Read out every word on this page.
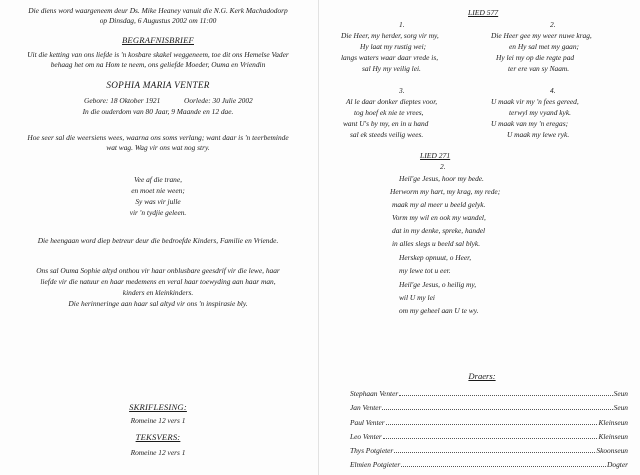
Die diens word waargeneem deur Ds. Mike Heaney vanuit die N.G. Kerk Machadodorp
op Dinsdag, 6 Augustus 2002 om 11:00
BEGRAFNISBRIEF
Uit die ketting van ons liefde is 'n kosbare skakel weggeneem, toe dit ons Hemelse Vader
behaag het om na Hom te neem, ons geliefde Moeder, Ouma en Vriendin
SOPHIA MARIA VENTER
Gebore: 18 Oktober 1921	Oorlede: 30 Julie 2002
In die ouderdom van 80 Jaar, 9 Maande en 12 dae.
Hoe seer sal die weersiens wees, waarna ons soms verlang; want daar is 'n teerbeminde
wat wag. Wag vir ons wat nog stry.
Vee af die trane,
en moet nie ween;
Sy was vir julle
vir 'n tydjie geleen.
Die heengaan word diep betreur deur die bedroefde Kinders, Familie en Vriende.
Ons sal Ouma Sophie altyd onthou vir haar onblusbare geesdrif vir die lewe, haar
liefde vir die natuur en haar medemens en veral haar toewyding aan haar man,
kinders en kleinkinders.
Die herinneringe aan haar sal altyd vir ons 'n inspirasie bly.
SKRIFLESING:
Romeine 12 vers 1
TEKSVERS:
Romeine 12 vers 1
LIED 577
1.
Die Heer, my herder, sorg vir my,
Hy laat my rustig wei;
langs waters waar daar vrede is,
sal Hy my veilig lei.
2.
Die Heer gee my weer nuwe krag,
en Hy sal met my gaan;
Hy lei my op die regte pad
ter ere van sy Naam.
3.
Al le daar donker dieptes voor,
tog hoef ek nie te vrees,
want U's by my, en in u hand
sal ek steeds veilig wees.
4.
U maak vir my 'n fees gereed,
terwyl my vyand kyk.
U maak van my 'n eregas;
U maak my lewe ryk.
LIED 271
2.
Heil'ge Jesus, hoor my bede.
Herworm my hart, my krag, my rede;
maak my al meer u beeld gelyk.
Vorm my wil en ook my wandel,
dat in my denke, spreke, handel
in alles slegs u beeld sal blyk.
Herskep opnuut, o Heer,
my lewe tot u eer.
Heil'ge Jesus, o heilig my,
wil U my lei
om my geheel aan U te wy.
Draers:
Stephaan Venter	Seun
Jan Venter	Seun
Paul Venter	Kleinseun
Leo Venter	Kleinseun
Thys Potgieter	Skoonseun
Elmien Potgieter	Dogter
